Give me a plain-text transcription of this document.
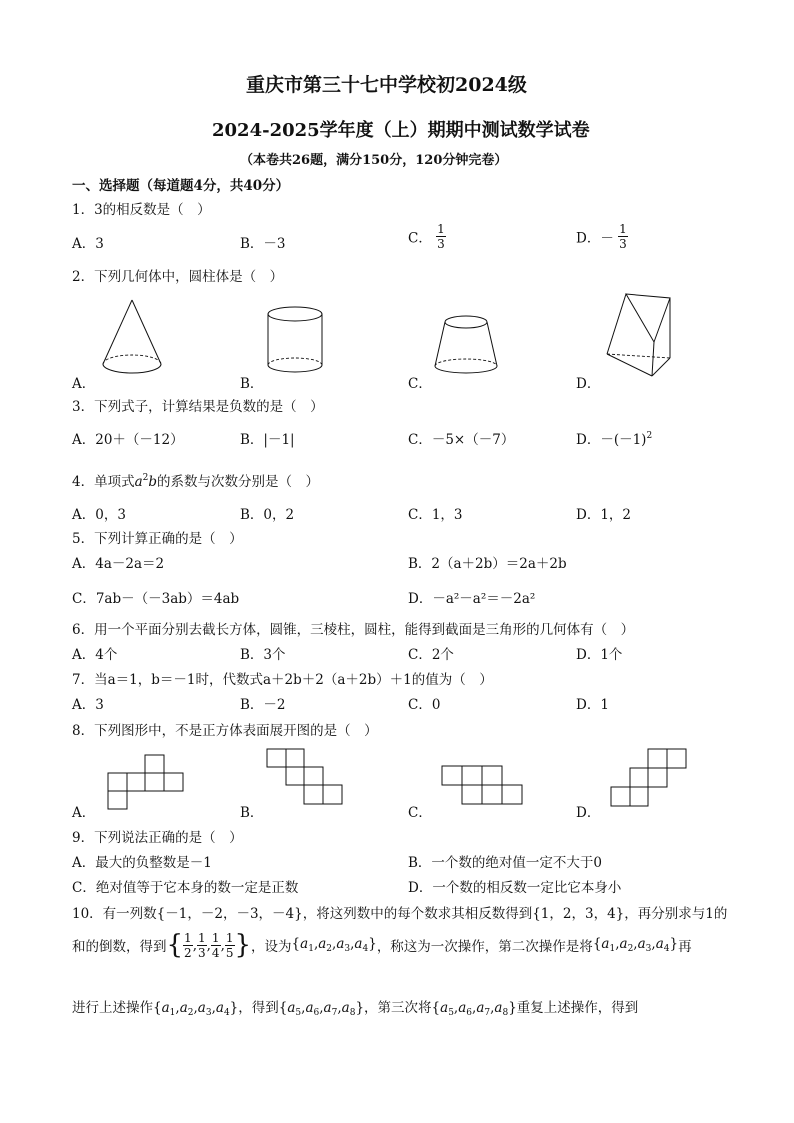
重庆市第三十七中学校初2024级
2024-2025学年度（上）期期中测试数学试卷
（本卷共26题，满分150分，120分钟完卷）
一、选择题（每道题4分，共40分）
1．3的相反数是（　）
A．3	B．－3	C． $\frac{1}{3}$	D．－ $\frac{1}{3}$
2．下列几何体中，圆柱体是（　）
A．	B．	C．	D．
3．下列式子，计算结果是负数的是（　）
A．20＋（－12）	B．|－1|	C．－5×（－7）	D．$-(-1)^2$
4．单项式$a^2b$的系数与次数分别是（　）
A．0，3	B．0，2	C．1，3	D．1，2
5．下列计算正确的是（　）
A．4a－2a＝2	B．2（a＋2b）＝2a＋2b
C．7ab－（－3ab）＝4ab	D．－a²－a²＝－2a²
6．用一个平面分别去截长方体，圆锥，三棱柱，圆柱，能得到截面是三角形的几何体有（　）
A．4个	B．3个	C．2个	D．1个
7．当a＝1，b＝－1时，代数式a＋2b＋2（a＋2b）＋1的值为（　）
A．3	B．－2	C．0	D．1
8．下列图形中，不是正方体表面展开图的是（　）
A．	B．	C．	D．
9．下列说法正确的是（　）
A．最大的负整数是－1	B．一个数的绝对值一定不大于0
C．绝对值等于它本身的数一定是正数	D．一个数的相反数一定比它本身小
10．有一列数{－1，－2，－3，－4}，将这列数中的每个数求其相反数得到{1，2，3，4}，再分别求与1的
和的倒数，得到{ $\frac{1}{2}$ , $\frac{1}{3}$ , $\frac{1}{4}$ , $\frac{1}{5}$ }，设为$\{a_1,a_2,a_3,a_4\}$，称这为一次操作，第二次操作是将$\{a_1,a_2,a_3,a_4\}$再
进行上述操作$\{a_1,a_2,a_3,a_4\}$，得到$\{a_5,a_6,a_7,a_8\}$，第三次将$\{a_5,a_6,a_7,a_8\}$重复上述操作，得到
